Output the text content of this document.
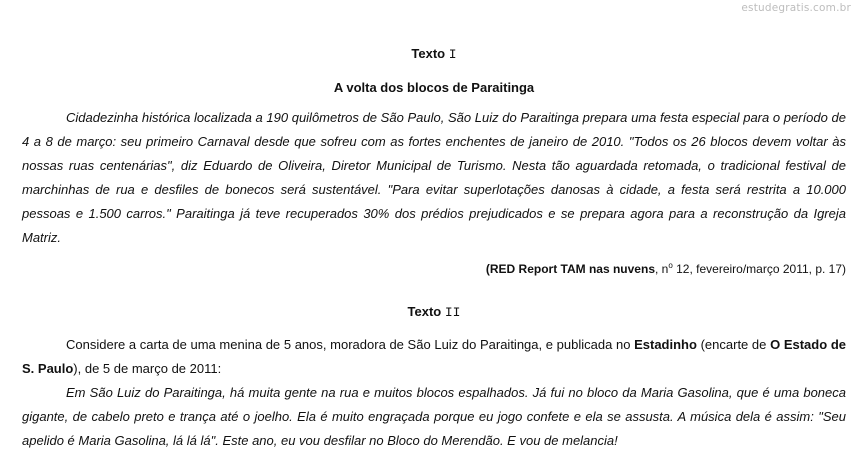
estudegratis.com.br
Texto I
A volta dos blocos de Paraitinga

Cidadezinha histórica localizada a 190 quilômetros de São Paulo, São Luiz do Paraitinga prepara uma festa especial para o período de 4 a 8 de março: seu primeiro Carnaval desde que sofreu com as fortes enchentes de janeiro de 2010. "Todos os 26 blocos devem voltar às nossas ruas centenárias", diz Eduardo de Oliveira, Diretor Municipal de Turismo. Nesta tão aguardada retomada, o tradicional festival de marchinhas de rua e desfiles de bonecos será sustentável. "Para evitar superlotações danosas à cidade, a festa será restrita a 10.000 pessoas e 1.500 carros." Paraitinga já teve recuperados 30% dos prédios prejudicados e se prepara agora para a reconstrução da Igreja Matriz.

(RED Report TAM nas nuvens, $n^o$ 12, fevereiro/março 2011, p. 17)
Texto II

Considere a carta de uma menina de 5 anos, moradora de São Luiz do Paraitinga, e publicada no Estadinho (encarte de O Estado de S. Paulo), de 5 de março de 2011:

Em São Luiz do Paraitinga, há muita gente na rua e muitos blocos espalhados. Já fui no bloco da Maria Gasolina, que é uma boneca gigante, de cabelo preto e trança até o joelho. Ela é muito engraçada porque eu jogo confete e ela se assusta. A música dela é assim: "Seu apelido é Maria Gasolina, lá lá lá". Este ano, eu vou desfilar no Bloco do Merendão. E vou de melancia!
